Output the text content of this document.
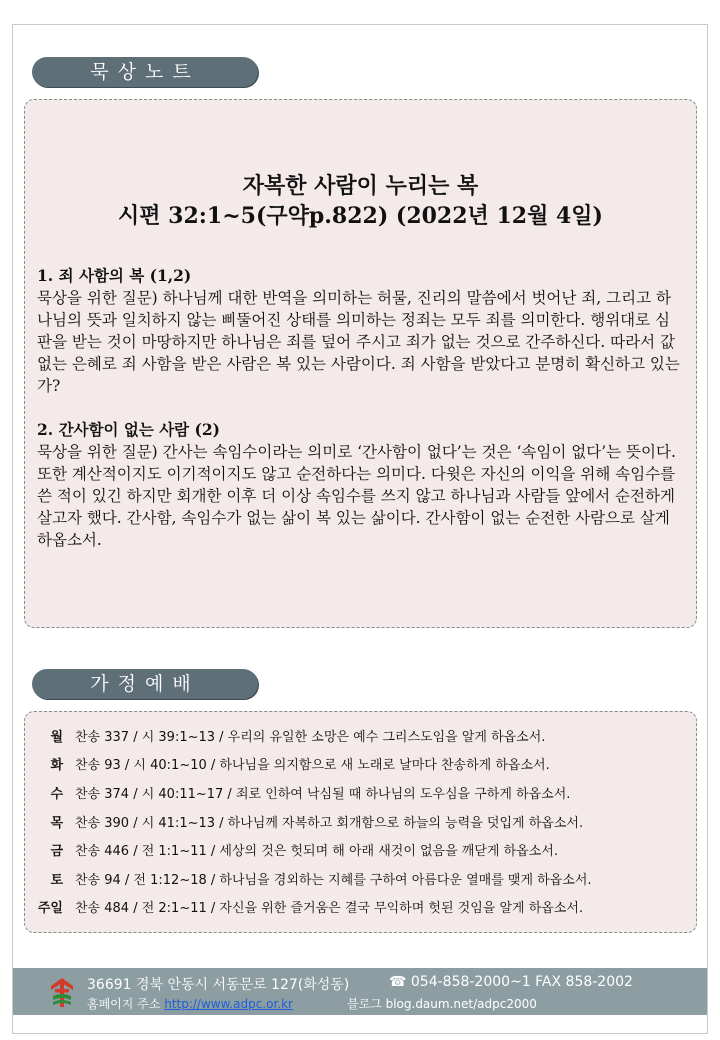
묵상노트
자복한 사람이 누리는 복
시편 32:1~5(구약p.822) (2022년 12월 4일)
1. 죄 사함의 복 (1,2)
묵상을 위한 질문) 하나님께 대한 반역을 의미하는 허물, 진리의 말씀에서 벗어난 죄, 그리고 하나님의 뜻과 일치하지 않는 삐뚤어진 상태를 의미하는 정죄는 모두 죄를 의미한다. 행위대로 심판을 받는 것이 마땅하지만 하나님은 죄를 덮어 주시고 죄가 없는 것으로 간주하신다. 따라서 값없는 은혜로 죄 사함을 받은 사람은 복 있는 사람이다. 죄 사함을 받았다고 분명히 확신하고 있는가?
2. 간사함이 없는 사람 (2)
묵상을 위한 질문) 간사는 속임수이라는 의미로 ‘간사함이 없다’는 것은 ‘속임이 없다’는 뜻이다. 또한 계산적이지도 이기적이지도 않고 순전하다는 의미다. 다윗은 자신의 이익을 위해 속임수를 쓴 적이 있긴 하지만 회개한 이후 더 이상 속임수를 쓰지 않고 하나님과 사람들 앞에서 순전하게 살고자 했다. 간사함, 속임수가 없는 삶이 복 있는 삶이다. 간사함이 없는 순전한 사람으로 살게 하옵소서.
가정예배
월 찬송 337 / 시 39:1~13 / 우리의 유일한 소망은 예수 그리스도임을 알게 하옵소서.
화 찬송 93 / 시 40:1~10 / 하나님을 의지함으로 새 노래로 날마다 찬송하게 하옵소서.
수 찬송 374 / 시 40:11~17 / 죄로 인하여 낙심될 때 하나님의 도우심을 구하게 하옵소서.
목 찬송 390 / 시 41:1~13 / 하나님께 자복하고 회개함으로 하늘의 능력을 덧입게 하옵소서.
금 찬송 446 / 전 1:1~11 / 세상의 것은 헛되며 해 아래 새것이 없음을 깨닫게 하옵소서.
토 찬송 94 / 전 1:12~18 / 하나님을 경외하는 지혜를 구하여 아름다운 열매를 맺게 하옵소서.
주일 찬송 484 / 전 2:1~11 / 자신을 위한 즐거움은 결국 무익하며 헛된 것임을 알게 하옵소서.
36691 경북 안동시 서동문로 127(화성동)	☎ 054-858-2000~1 FAX 858-2002
홈페이지 주소 http://www.adpc.or.kr	블로그 blog.daum.net/adpc2000
